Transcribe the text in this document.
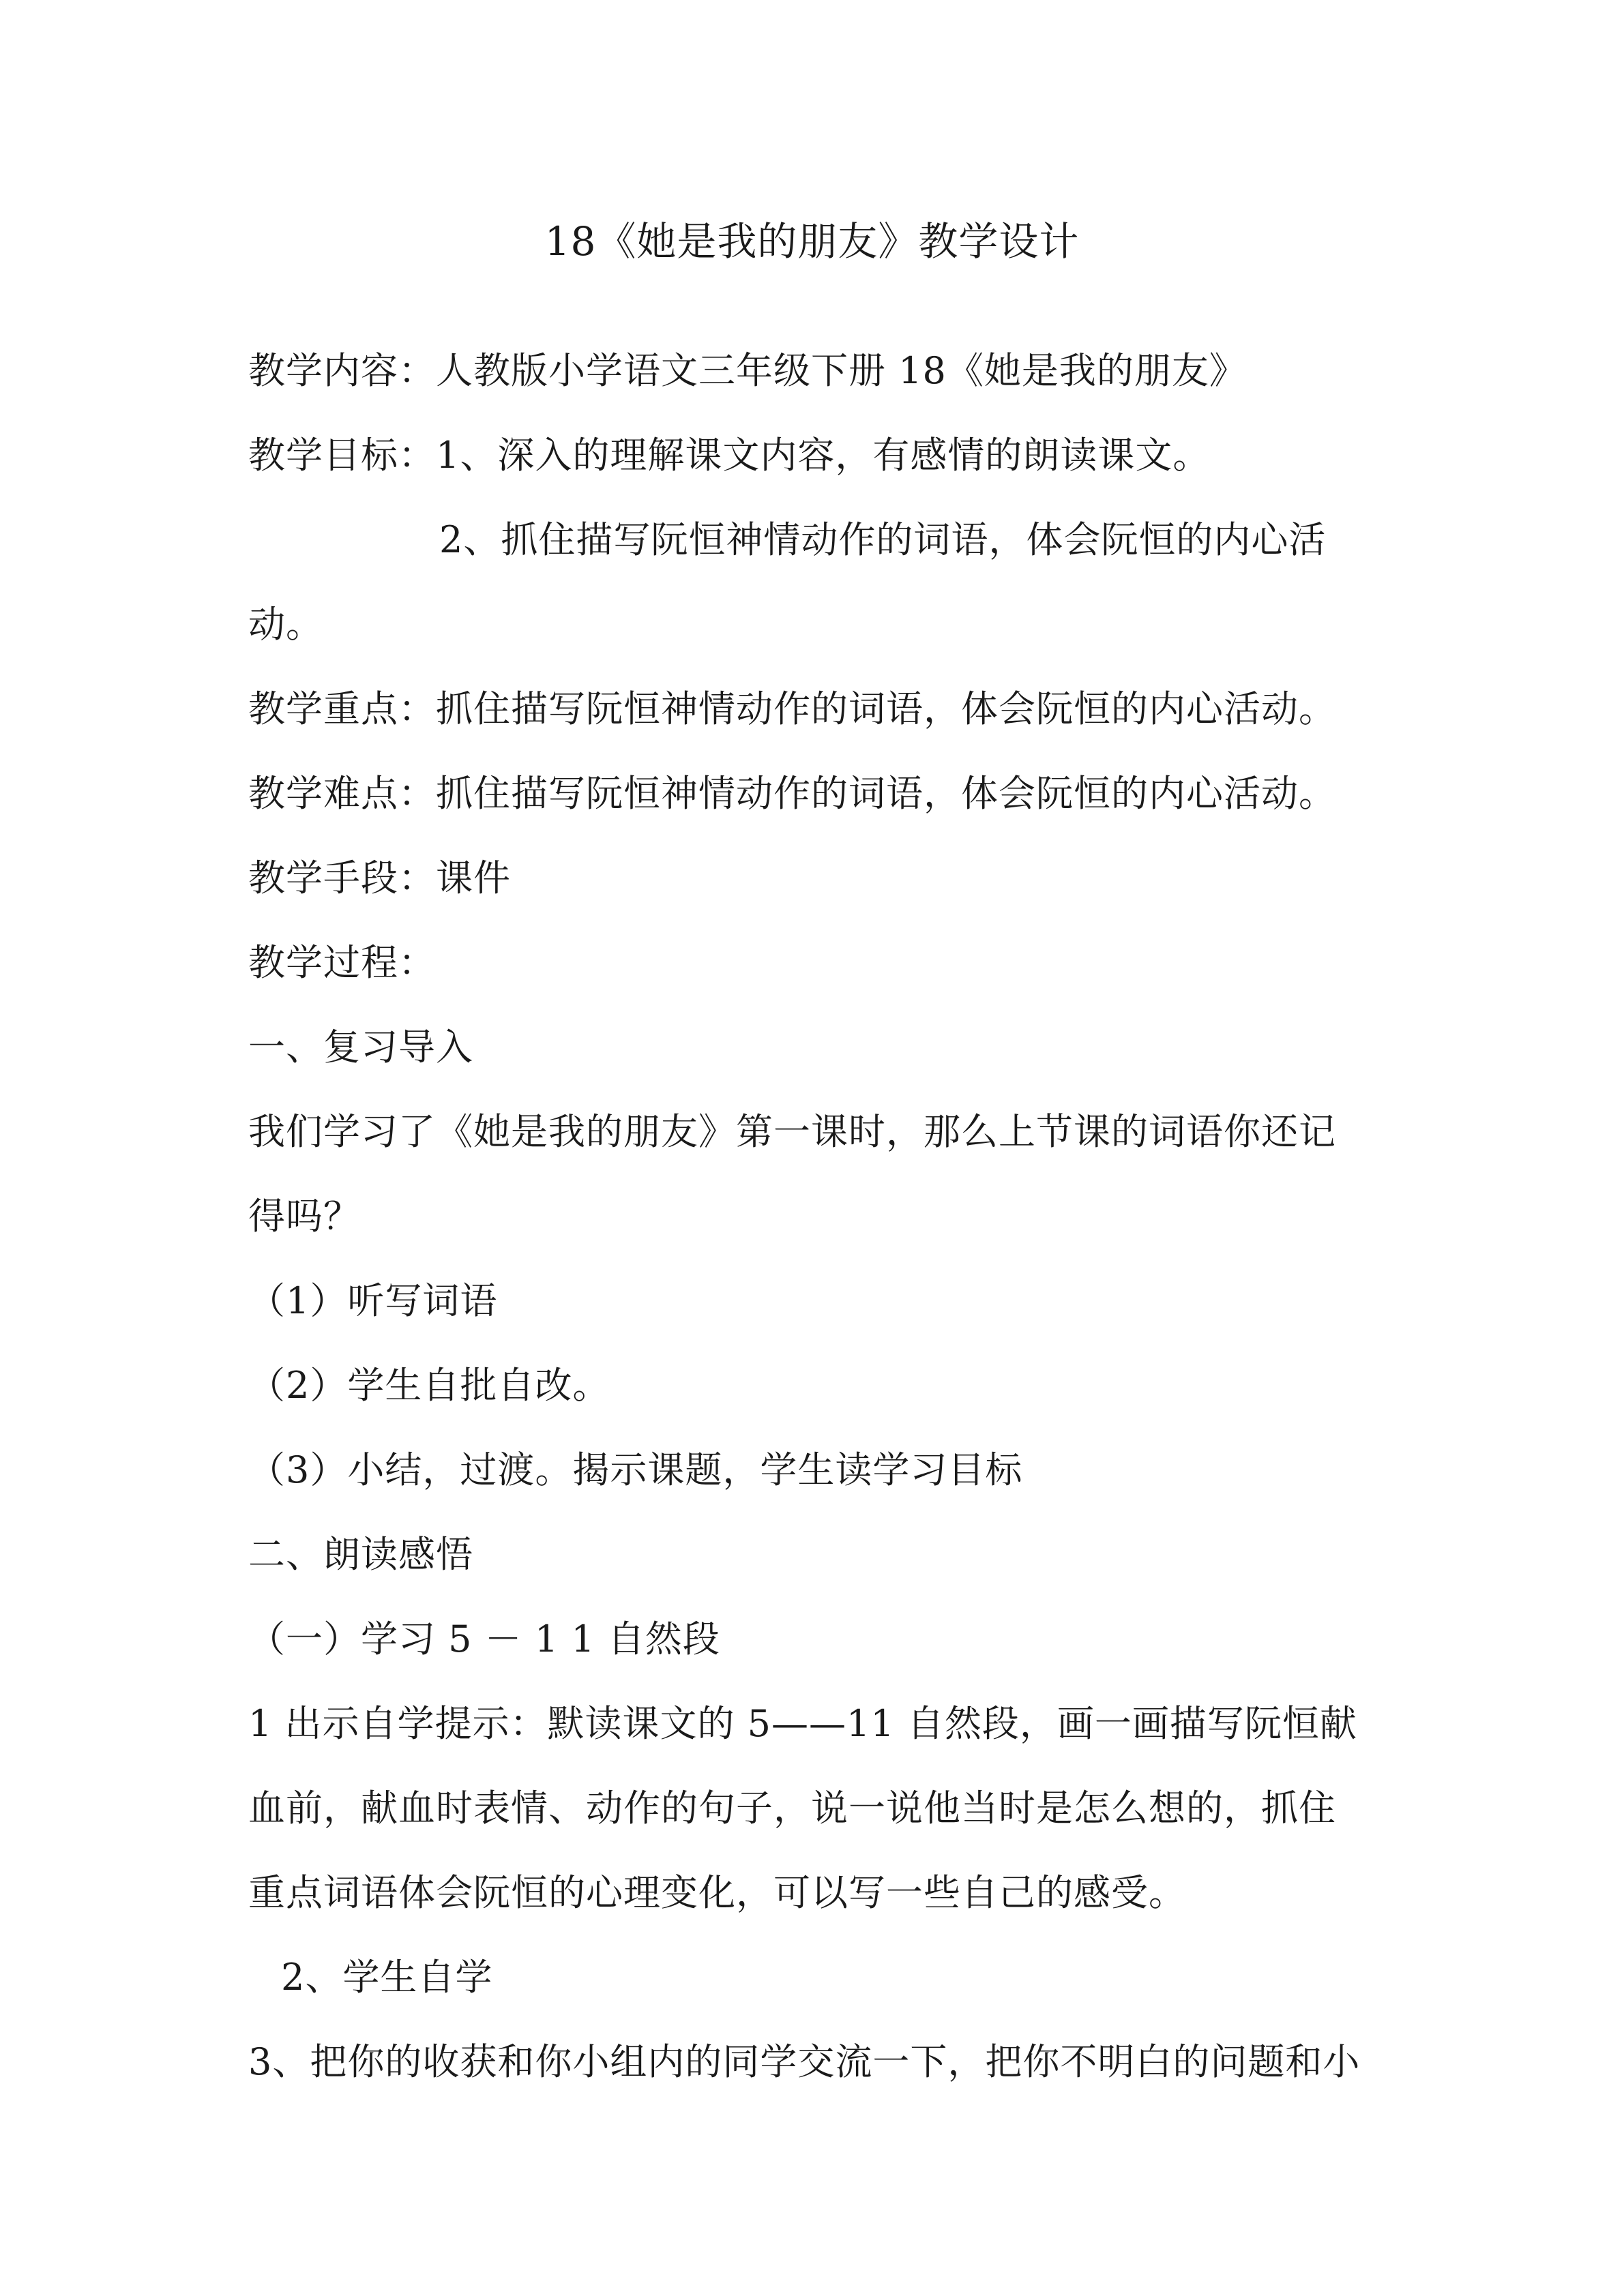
18《她是我的朋友》教学设计
教学内容：人教版小学语文三年级下册 18《她是我的朋友》
教学目标：1、深入的理解课文内容，有感情的朗读课文。
2、抓住描写阮恒神情动作的词语，体会阮恒的内心活
动。
教学重点：抓住描写阮恒神情动作的词语，体会阮恒的内心活动。
教学难点：抓住描写阮恒神情动作的词语，体会阮恒的内心活动。
教学手段：课件
教学过程：
一、复习导入
我们学习了《她是我的朋友》第一课时，那么上节课的词语你还记
得吗？
（1）听写词语
（2）学生自批自改。
（3）小结，过渡。揭示课题，学生读学习目标
二、朗读感悟
（一）学习 5 － 1 1 自然段
1 出示自学提示：默读课文的 5——11 自然段，画一画描写阮恒献
血前，献血时表情、动作的句子，说一说他当时是怎么想的，抓住
重点词语体会阮恒的心理变化，可以写一些自己的感受。
2、学生自学
3、把你的收获和你小组内的同学交流一下，把你不明白的问题和小
